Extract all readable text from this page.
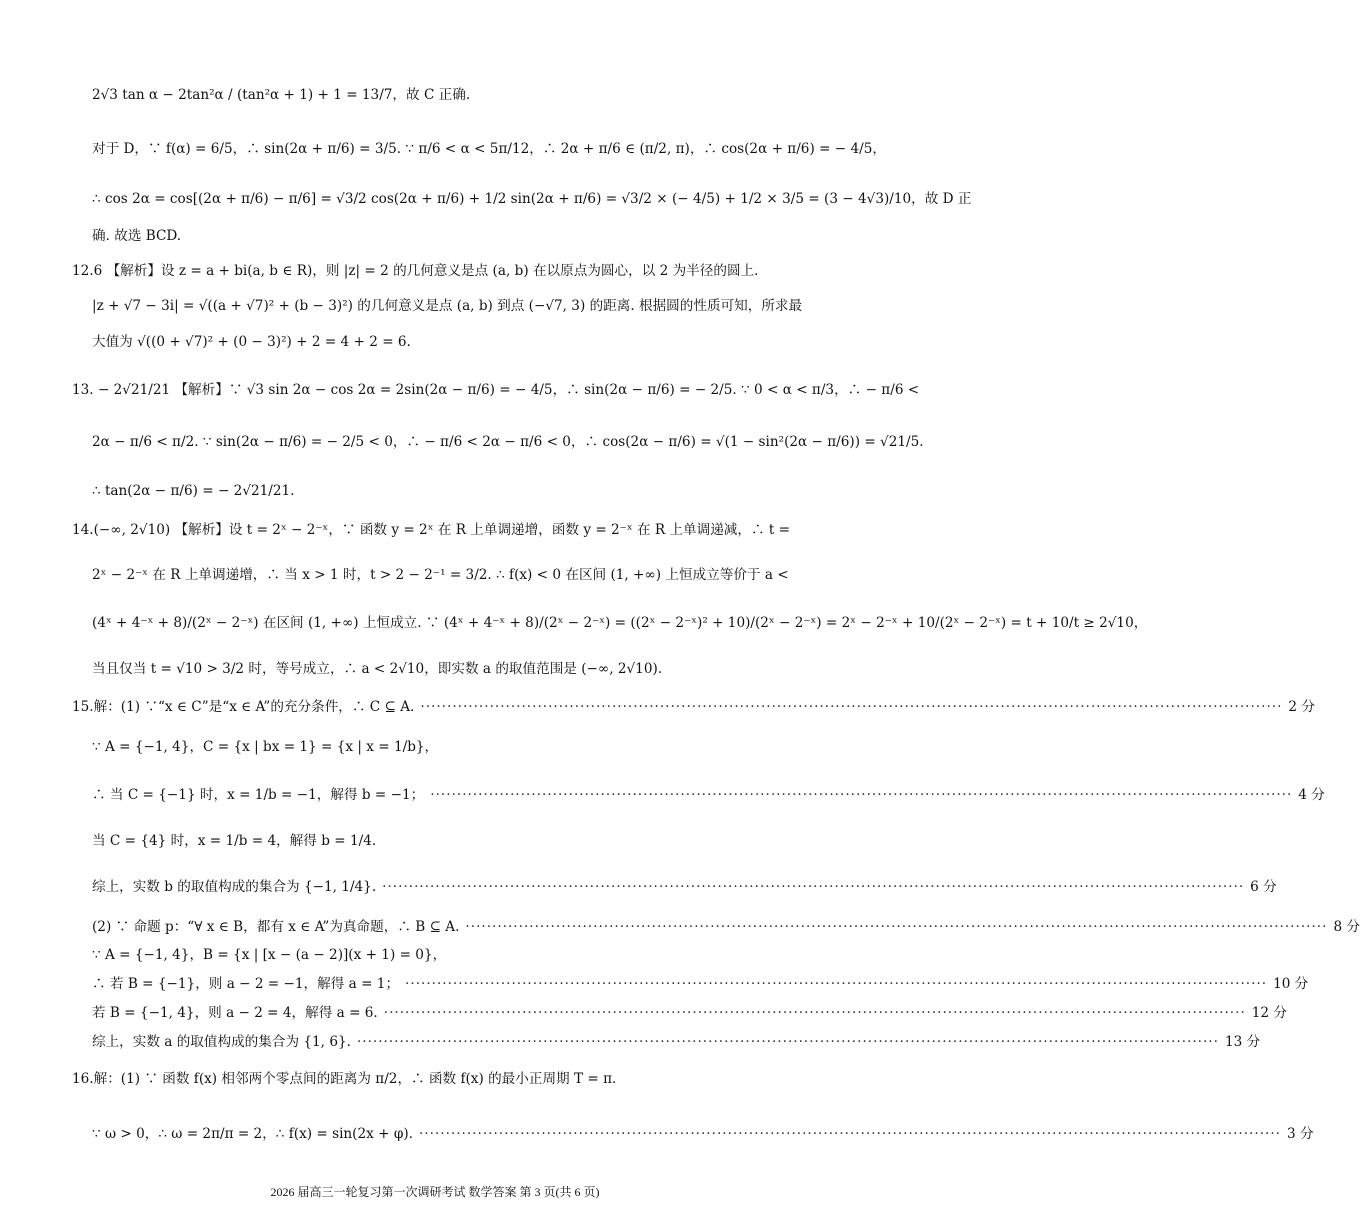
2√3 tan α − 2tan²α / (tan²α + 1) + 1 = 13/7，故 C 正确.
对于 D，∵ f(α) = 6/5，∴ sin(2α + π/6) = 3/5. ∵ π/6 < α < 5π/12，∴ 2α + π/6 ∈ (π/2, π)，∴ cos(2α + π/6) = − 4/5，
∴ cos 2α = cos[(2α + π/6) − π/6] = √3/2 cos(2α + π/6) + 1/2 sin(2α + π/6) = √3/2 × (− 4/5) + 1/2 × 3/5 = (3 − 4√3)/10，故 D 正
确. 故选 BCD.
12.6 【解析】设 z = a + bi(a, b ∈ R)，则 |z| = 2 的几何意义是点 (a, b) 在以原点为圆心，以 2 为半径的圆上.
|z + √7 − 3i| = √((a + √7)² + (b − 3)²) 的几何意义是点 (a, b) 到点 (−√7, 3) 的距离. 根据圆的性质可知，所求最
大值为 √((0 + √7)² + (0 − 3)²) + 2 = 4 + 2 = 6.
13. − 2√21/21 【解析】∵ √3 sin 2α − cos 2α = 2sin(2α − π/6) = − 4/5，∴ sin(2α − π/6) = − 2/5. ∵ 0 < α < π/3，∴ − π/6 <
2α − π/6 < π/2. ∵ sin(2α − π/6) = − 2/5 < 0，∴ − π/6 < 2α − π/6 < 0，∴ cos(2α − π/6) = √(1 − sin²(2α − π/6)) = √21/5.
∴ tan(2α − π/6) = − 2√21/21.
14.(−∞, 2√10) 【解析】设 t = 2ˣ − 2⁻ˣ，∵ 函数 y = 2ˣ 在 R 上单调递增，函数 y = 2⁻ˣ 在 R 上单调递减，∴ t =
2ˣ − 2⁻ˣ 在 R 上单调递增，∴ 当 x > 1 时，t > 2 − 2⁻¹ = 3/2. ∴ f(x) < 0 在区间 (1, +∞) 上恒成立等价于 a <
(4ˣ + 4⁻ˣ + 8)/(2ˣ − 2⁻ˣ) 在区间 (1, +∞) 上恒成立. ∵ (4ˣ + 4⁻ˣ + 8)/(2ˣ − 2⁻ˣ) = ((2ˣ − 2⁻ˣ)² + 10)/(2ˣ − 2⁻ˣ) = 2ˣ − 2⁻ˣ + 10/(2ˣ − 2⁻ˣ) = t + 10/t ≥ 2√10，
当且仅当 t = √10 > 3/2 时，等号成立，∴ a < 2√10，即实数 a 的取值范围是 (−∞, 2√10).
15.解：(1) ∵“x ∈ C”是“x ∈ A”的充分条件，∴ C ⊆ A. ·····	2 分
∵ A = {−1, 4}，C = {x | bx = 1} = {x | x = 1/b}，
∴ 当 C = {−1} 时，x = 1/b = −1，解得 b = −1； ·····	4 分
当 C = {4} 时，x = 1/b = 4，解得 b = 1/4.
综上，实数 b 的取值构成的集合为 {−1, 1/4}. ·····	6 分
(2) ∵ 命题 p：“∀ x ∈ B，都有 x ∈ A”为真命题，∴ B ⊆ A. ·····	8 分
∵ A = {−1, 4}，B = {x | [x − (a − 2)](x + 1) = 0}，
∴ 若 B = {−1}，则 a − 2 = −1，解得 a = 1； ·····	10 分
若 B = {−1, 4}，则 a − 2 = 4，解得 a = 6. ·····	12 分
综上，实数 a 的取值构成的集合为 {1, 6}. ·····	13 分
16.解：(1) ∵ 函数 f(x) 相邻两个零点间的距离为 π/2，∴ 函数 f(x) 的最小正周期 T = π.
∵ ω > 0，∴ ω = 2π/π = 2，∴ f(x) = sin(2x + φ). ·····	3 分
2026 届高三一轮复习第一次调研考试 数学答案 第 3 页(共 6 页)
